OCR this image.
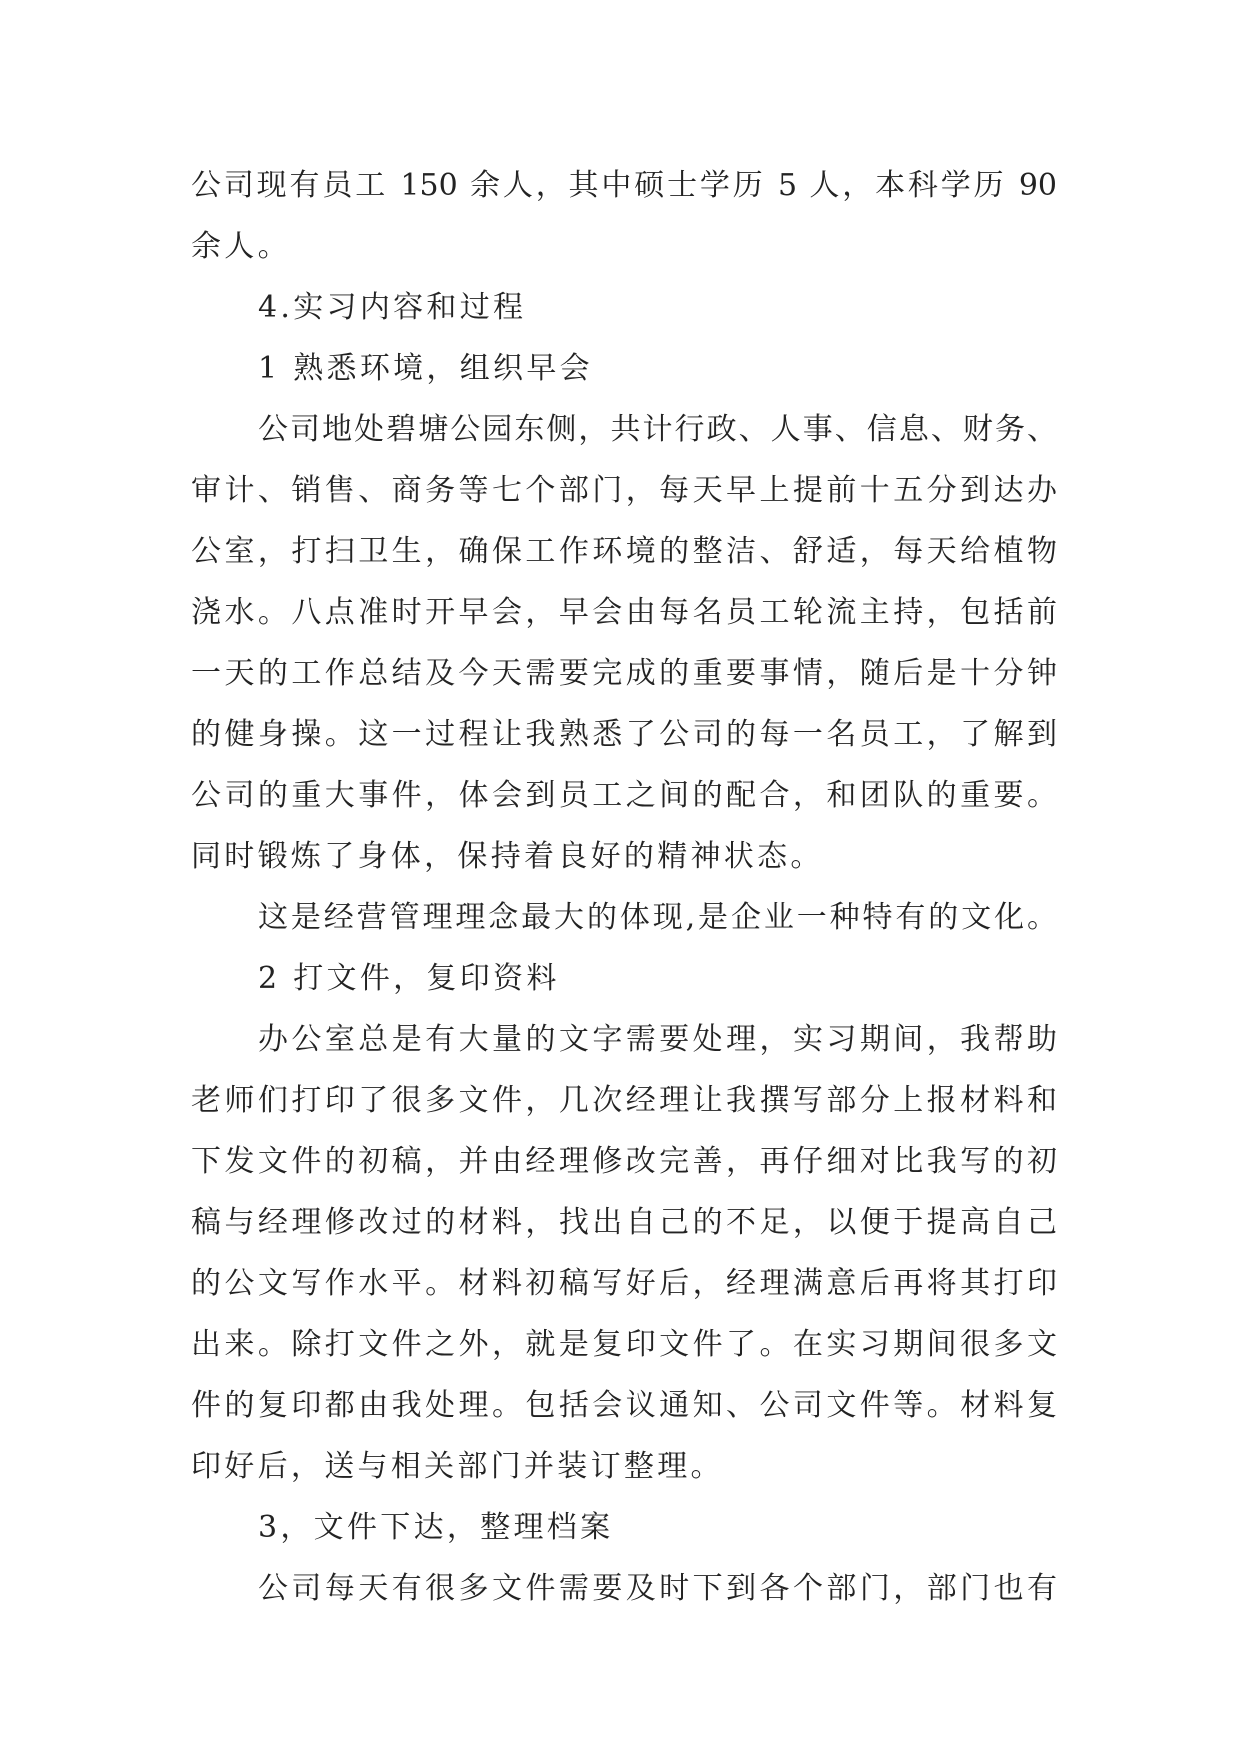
公司现有员工 150 余人，其中硕士学历 5 人，本科学历 90
余人。
4.实习内容和过程
1 熟悉环境，组织早会
公司地处碧塘公园东侧，共计行政、人事、信息、财务、
审计、销售、商务等七个部门，每天早上提前十五分到达办
公室，打扫卫生，确保工作环境的整洁、舒适，每天给植物
浇水。八点准时开早会，早会由每名员工轮流主持，包括前
一天的工作总结及今天需要完成的重要事情，随后是十分钟
的健身操。这一过程让我熟悉了公司的每一名员工，了解到
公司的重大事件，体会到员工之间的配合，和团队的重要。
同时锻炼了身体，保持着良好的精神状态。
这是经营管理理念最大的体现,是企业一种特有的文化。
2 打文件，复印资料
办公室总是有大量的文字需要处理，实习期间，我帮助
老师们打印了很多文件，几次经理让我撰写部分上报材料和
下发文件的初稿，并由经理修改完善，再仔细对比我写的初
稿与经理修改过的材料，找出自己的不足，以便于提高自己
的公文写作水平。材料初稿写好后，经理满意后再将其打印
出来。除打文件之外，就是复印文件了。在实习期间很多文
件的复印都由我处理。包括会议通知、公司文件等。材料复
印好后，送与相关部门并装订整理。
3，文件下达，整理档案
公司每天有很多文件需要及时下到各个部门，部门也有
